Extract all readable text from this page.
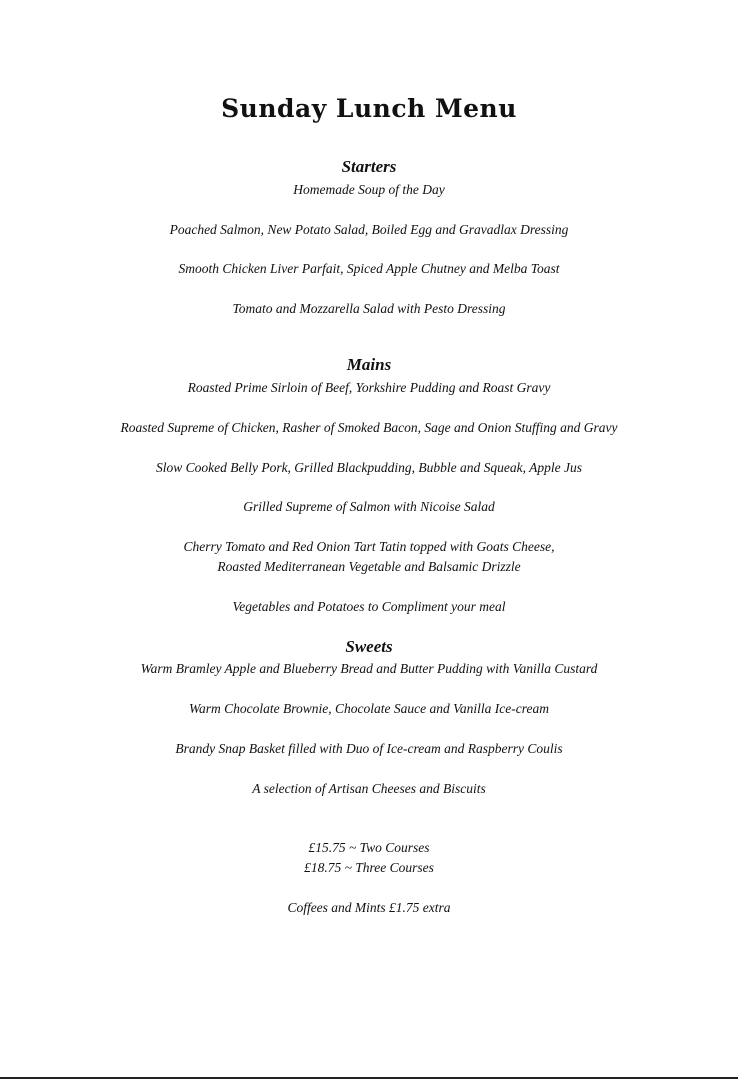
Sunday Lunch Menu
Starters
Homemade Soup of the Day
Poached Salmon, New Potato Salad, Boiled Egg and Gravadlax Dressing
Smooth Chicken Liver Parfait, Spiced Apple Chutney and Melba Toast
Tomato and Mozzarella Salad with Pesto Dressing
Mains
Roasted Prime Sirloin of Beef, Yorkshire Pudding and Roast Gravy
Roasted Supreme of Chicken, Rasher of Smoked Bacon, Sage and Onion Stuffing and Gravy
Slow Cooked Belly Pork, Grilled Blackpudding, Bubble and Squeak, Apple Jus
Grilled Supreme of Salmon with Nicoise Salad
Cherry Tomato and Red Onion Tart Tatin topped with Goats Cheese,
Roasted Mediterranean Vegetable and Balsamic Drizzle
Vegetables and Potatoes to Compliment your meal
Sweets
Warm Bramley Apple and Blueberry Bread and Butter Pudding with Vanilla Custard
Warm Chocolate Brownie, Chocolate Sauce and Vanilla Ice-cream
Brandy Snap Basket filled with Duo of Ice-cream and Raspberry Coulis
A selection of Artisan Cheeses and Biscuits
£15.75 ~ Two Courses
£18.75 ~ Three Courses
Coffees and Mints £1.75 extra
